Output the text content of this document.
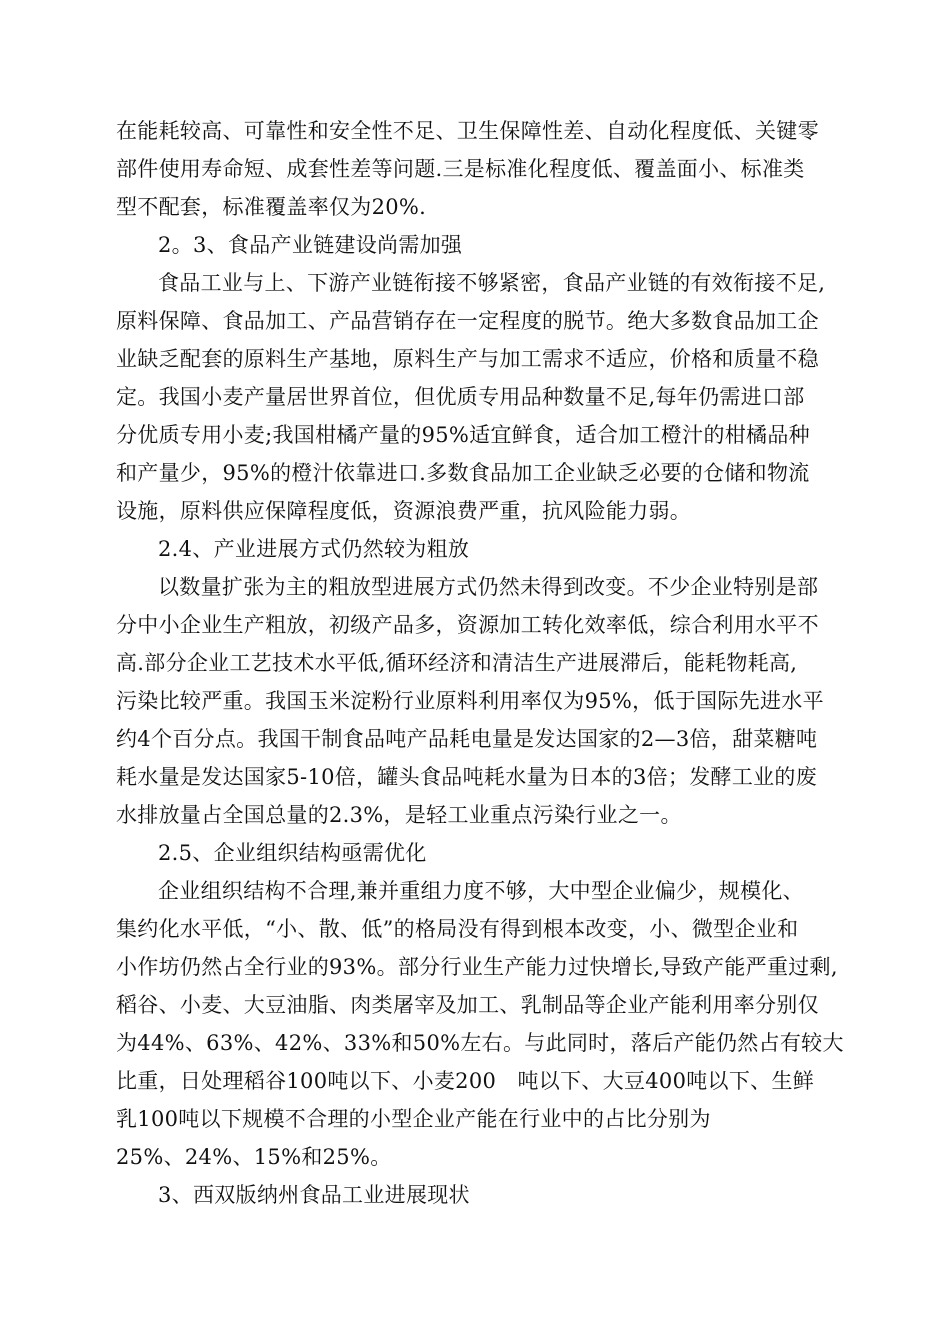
在能耗较高、可靠性和安全性不足、卫生保障性差、自动化程度低、关键零
部件使用寿命短、成套性差等问题.三是标准化程度低、覆盖面小、标准类
型不配套，标准覆盖率仅为20%.
2。3、食品产业链建设尚需加强
食品工业与上、下游产业链衔接不够紧密，食品产业链的有效衔接不足,
原料保障、食品加工、产品营销存在一定程度的脱节。绝大多数食品加工企
业缺乏配套的原料生产基地，原料生产与加工需求不适应，价格和质量不稳
定。我国小麦产量居世界首位，但优质专用品种数量不足,每年仍需进口部
分优质专用小麦;我国柑橘产量的95%适宜鲜食，适合加工橙汁的柑橘品种
和产量少，95%的橙汁依靠进口.多数食品加工企业缺乏必要的仓储和物流
设施，原料供应保障程度低，资源浪费严重，抗风险能力弱。
2.4、产业进展方式仍然较为粗放
以数量扩张为主的粗放型进展方式仍然未得到改变。不少企业特别是部
分中小企业生产粗放，初级产品多，资源加工转化效率低，综合利用水平不
高.部分企业工艺技术水平低,循环经济和清洁生产进展滞后，能耗物耗高,
污染比较严重。我国玉米淀粉行业原料利用率仅为95%，低于国际先进水平
约4个百分点。我国干制食品吨产品耗电量是发达国家的2—3倍，甜菜糖吨
耗水量是发达国家5-10倍，罐头食品吨耗水量为日本的3倍；发酵工业的废
水排放量占全国总量的2.3%，是轻工业重点污染行业之一。
2.5、企业组织结构亟需优化
企业组织结构不合理,兼并重组力度不够，大中型企业偏少，规模化、
集约化水平低，“小、散、低”的格局没有得到根本改变，小、微型企业和
小作坊仍然占全行业的93%。部分行业生产能力过快增长,导致产能严重过剩,
稻谷、小麦、大豆油脂、肉类屠宰及加工、乳制品等企业产能利用率分别仅
为44%、63%、42%、33%和50%左右。与此同时，落后产能仍然占有较大
比重，日处理稻谷100吨以下、小麦200　吨以下、大豆400吨以下、生鲜
乳100吨以下规模不合理的小型企业产能在行业中的占比分别为
25%、24%、15%和25%。
3、西双版纳州食品工业进展现状
